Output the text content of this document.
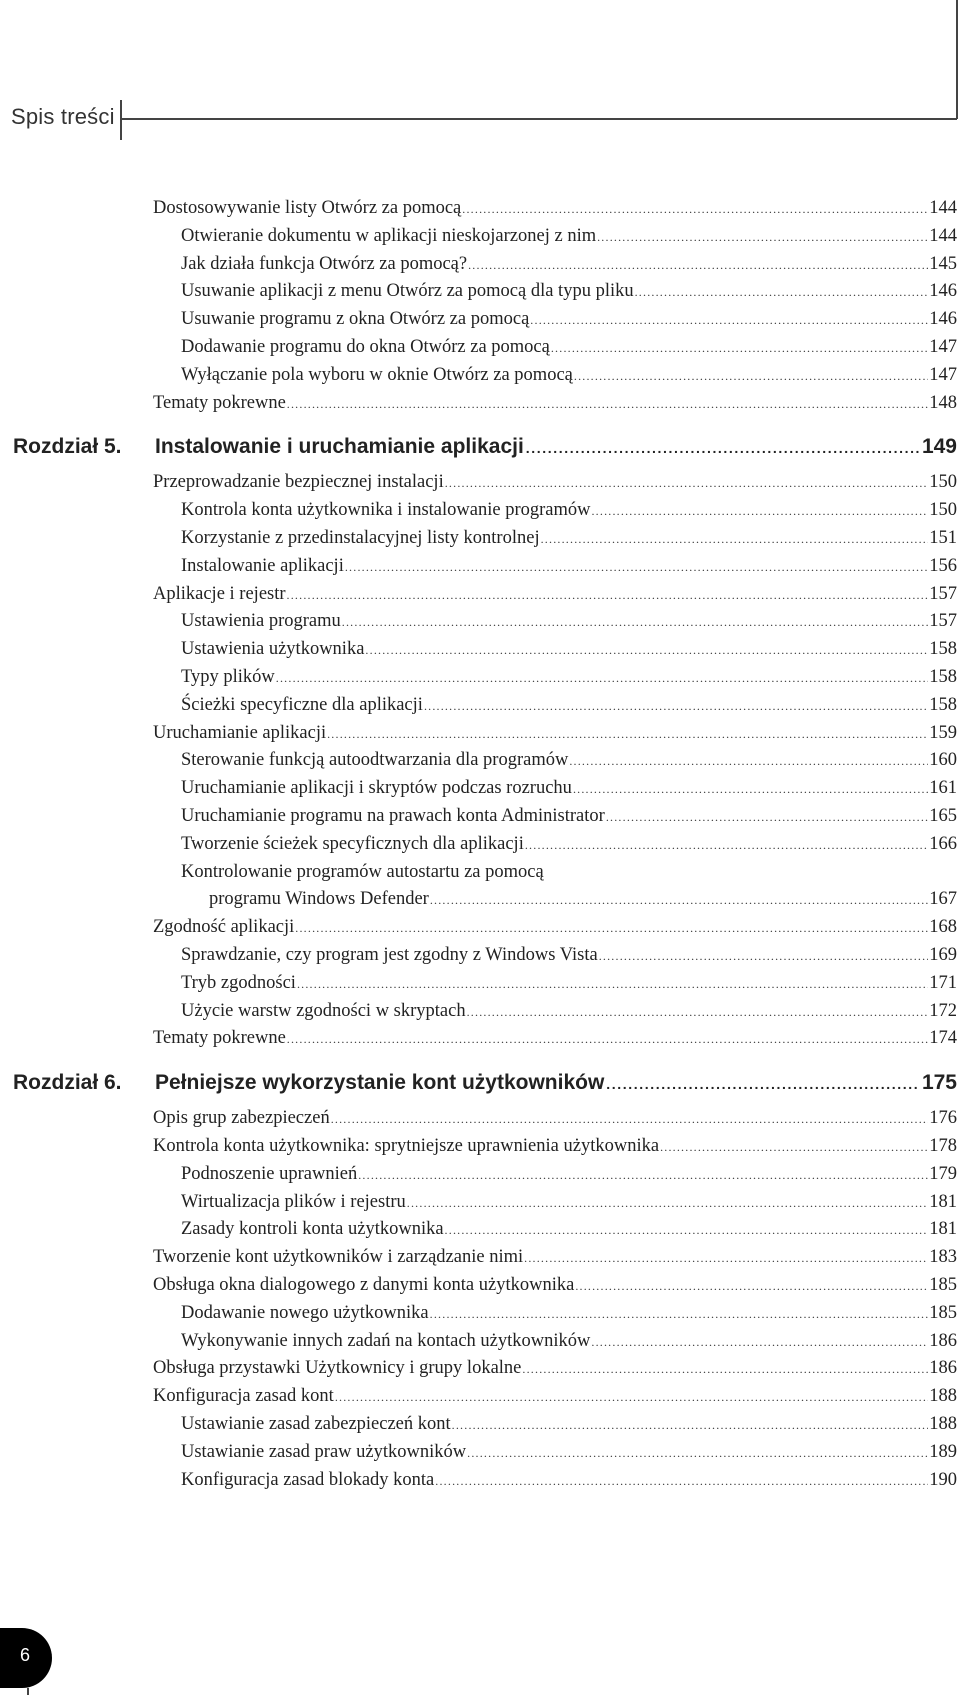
Spis treści
Dostosowywanie listy Otwórz za pomocą .....	144
Otwieranie dokumentu w aplikacji nieskojarzonej z nim .....	144
Jak działa funkcja Otwórz za pomocą? .....	145
Usuwanie aplikacji z menu Otwórz za pomocą dla typu pliku .....	146
Usuwanie programu z okna Otwórz za pomocą .....	146
Dodawanie programu do okna Otwórz za pomocą .....	147
Wyłączanie pola wyboru w oknie Otwórz za pomocą .....	147
Tematy pokrewne .....	148
Rozdział 5. Instalowanie i uruchamianie aplikacji .....	149
Przeprowadzanie bezpiecznej instalacji .....	150
Kontrola konta użytkownika i instalowanie programów .....	150
Korzystanie z przedinstalacyjnej listy kontrolnej .....	151
Instalowanie aplikacji .....	156
Aplikacje i rejestr .....	157
Ustawienia programu .....	157
Ustawienia użytkownika .....	158
Typy plików .....	158
Ścieżki specyficzne dla aplikacji .....	158
Uruchamianie aplikacji .....	159
Sterowanie funkcją autoodtwarzania dla programów .....	160
Uruchamianie aplikacji i skryptów podczas rozruchu .....	161
Uruchamianie programu na prawach konta Administrator .....	165
Tworzenie ścieżek specyficznych dla aplikacji .....	166
Kontrolowanie programów autostartu za pomocą
programu Windows Defender .....	167
Zgodność aplikacji .....	168
Sprawdzanie, czy program jest zgodny z Windows Vista .....	169
Tryb zgodności .....	171
Użycie warstw zgodności w skryptach .....	172
Tematy pokrewne .....	174
Rozdział 6. Pełniejsze wykorzystanie kont użytkowników .....	175
Opis grup zabezpieczeń .....	176
Kontrola konta użytkownika: sprytniejsze uprawnienia użytkownika .....	178
Podnoszenie uprawnień .....	179
Wirtualizacja plików i rejestru .....	181
Zasady kontroli konta użytkownika .....	181
Tworzenie kont użytkowników i zarządzanie nimi .....	183
Obsługa okna dialogowego z danymi konta użytkownika .....	185
Dodawanie nowego użytkownika .....	185
Wykonywanie innych zadań na kontach użytkowników .....	186
Obsługa przystawki Użytkownicy i grupy lokalne .....	186
Konfiguracja zasad kont .....	188
Ustawianie zasad zabezpieczeń kont .....	188
Ustawianie zasad praw użytkowników .....	189
Konfiguracja zasad blokady konta .....	190
6
